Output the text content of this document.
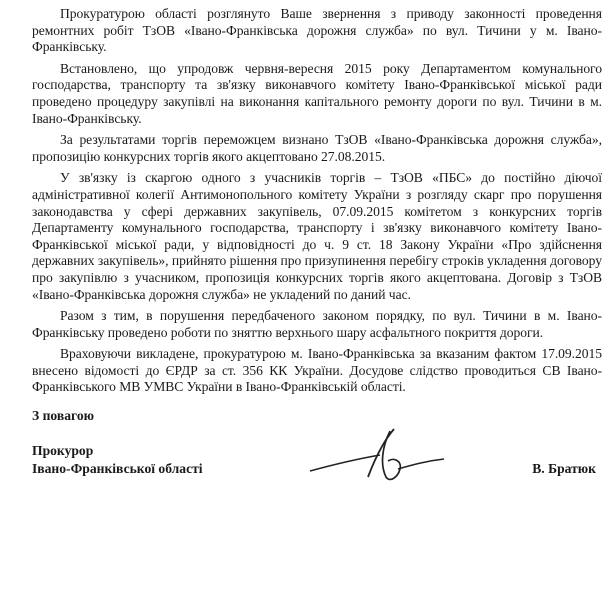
Прокуратурою області розглянуто Ваше звернення з приводу законності проведення ремонтних робіт ТзОВ «Івано-Франківська дорожня служба» по вул. Тичини у м. Івано-Франківську.

Встановлено, що упродовж червня-вересня 2015 року Департаментом комунального господарства, транспорту та зв'язку виконавчого комітету Івано-Франківської міської ради проведено процедуру закупівлі на виконання капітального ремонту дороги по вул. Тичини в м. Івано-Франківську.

За результатами торгів переможцем визнано ТзОВ «Івано-Франківська дорожня служба», пропозицію конкурсних торгів якого акцептовано 27.08.2015.

У зв'язку із скаргою одного з учасників торгів – ТзОВ «ПБС» до постійно діючої адміністративної колегії Антимонопольного комітету України з розгляду скарг про порушення законодавства у сфері державних закупівель, 07.09.2015 комітетом з конкурсних торгів Департаменту комунального господарства, транспорту і зв'язку виконавчого комітету Івано-Франківської міської ради, у відповідності до ч. 9 ст. 18 Закону України «Про здійснення державних закупівель», прийнято рішення про призупинення перебігу строків укладення договору про закупівлю з учасником, пропозиція конкурсних торгів якого акцептована. Договір з ТзОВ «Івано-Франківська дорожня служба» не укладений по даний час.

Разом з тим, в порушення передбаченого законом порядку, по вул. Тичини в м. Івано-Франківську проведено роботи по зняттю верхнього шару асфальтного покриття дороги.

Враховуючи викладене, прокуратурою м. Івано-Франківська за вказаним фактом 17.09.2015 внесено відомості до ЄРДР за ст. 356 КК України. Досудове слідство проводиться СВ Івано-Франківського МВ УМВС України в Івано-Франківській області.

З повагою
Прокурор
Івано-Франківської області	В. Братюк
